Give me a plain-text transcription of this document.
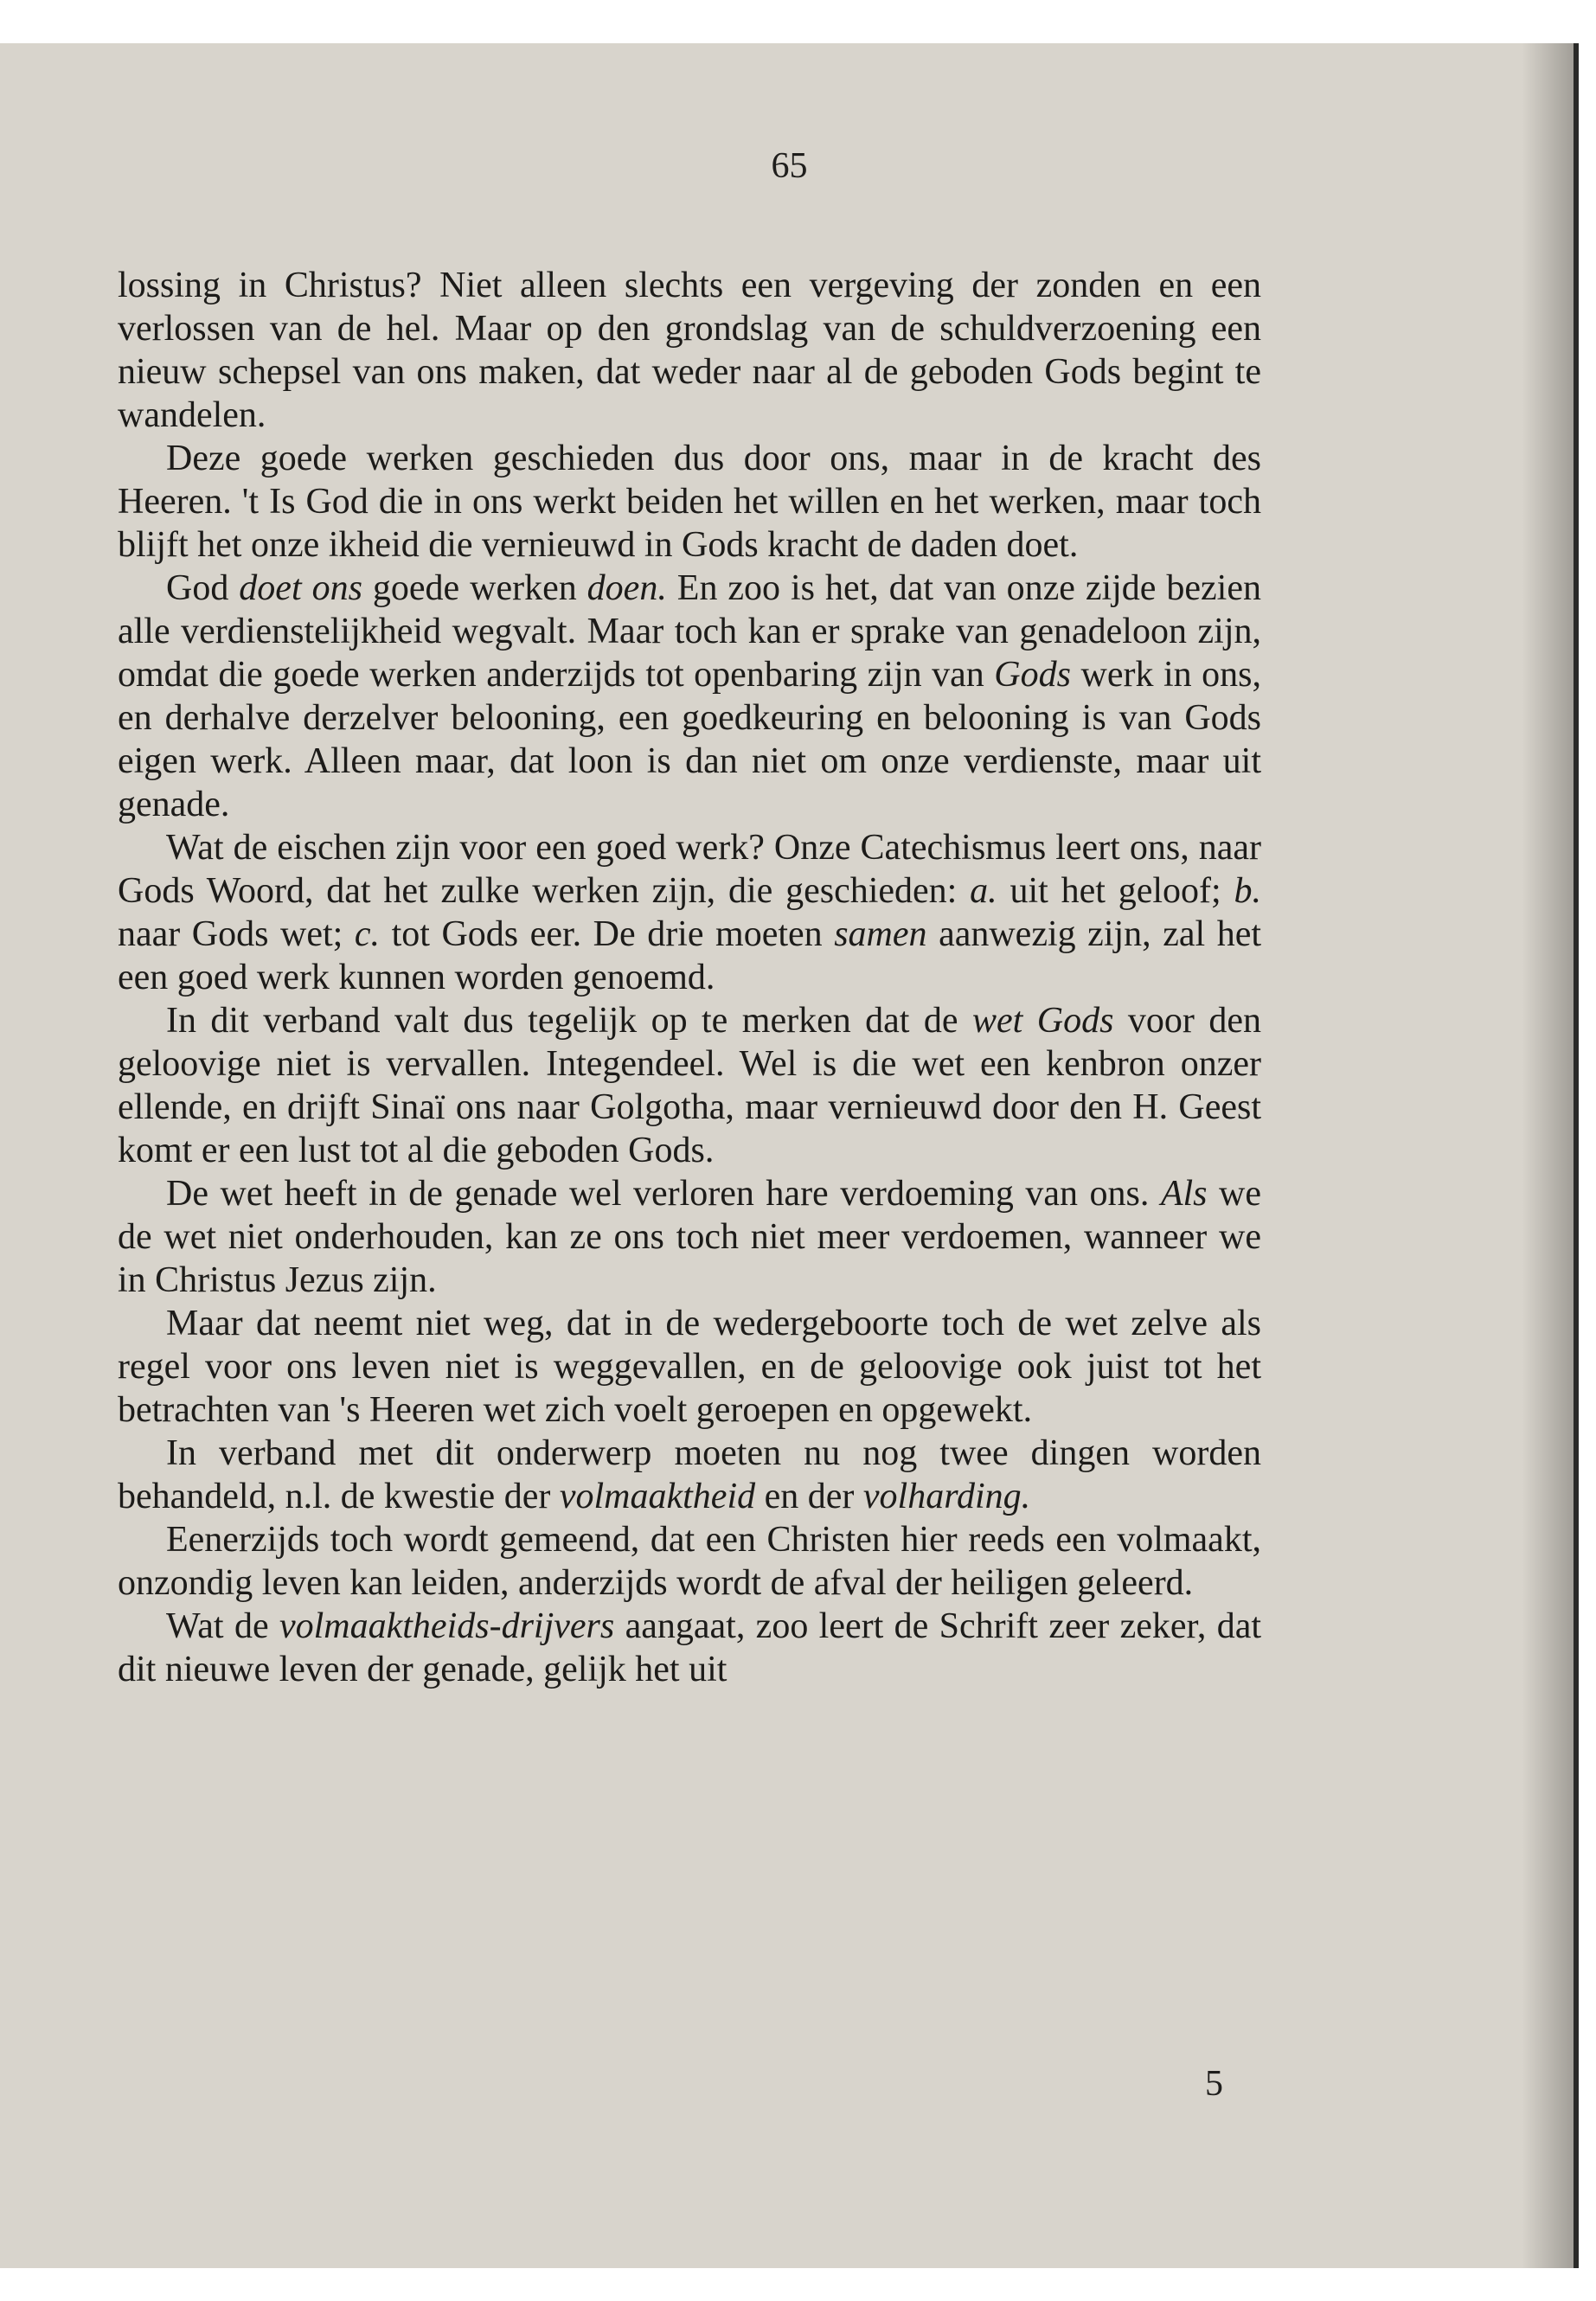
65

lossing in Christus? Niet alleen slechts een vergeving der zonden en een verlossen van de hel. Maar op den grondslag van de schuldverzoening een nieuw schepsel van ons maken, dat weder naar al de geboden Gods begint te wandelen.

Deze goede werken geschieden dus door ons, maar in de kracht des Heeren. 't Is God die in ons werkt beiden het willen en het werken, maar toch blijft het onze ikheid die vernieuwd in Gods kracht de daden doet.

God doet ons goede werken doen. En zoo is het, dat van onze zijde bezien alle verdienstelijkheid wegvalt. Maar toch kan er sprake van genadeloon zijn, omdat die goede werken anderzijds tot openbaring zijn van Gods werk in ons, en derhalve derzelver belooning, een goedkeuring en belooning is van Gods eigen werk. Alleen maar, dat loon is dan niet om onze verdienste, maar uit genade.

Wat de eischen zijn voor een goed werk? Onze Catechismus leert ons, naar Gods Woord, dat het zulke werken zijn, die geschieden: a. uit het geloof; b. naar Gods wet; c. tot Gods eer. De drie moeten samen aanwezig zijn, zal het een goed werk kunnen worden genoemd.

In dit verband valt dus tegelijk op te merken dat de wet Gods voor den geloovige niet is vervallen. Integendeel. Wel is die wet een kenbron onzer ellende, en drijft Sinaï ons naar Golgotha, maar vernieuwd door den H. Geest komt er een lust tot al die geboden Gods.

De wet heeft in de genade wel verloren hare verdoeming van ons. Als we de wet niet onderhouden, kan ze ons toch niet meer verdoemen, wanneer we in Christus Jezus zijn.

Maar dat neemt niet weg, dat in de wedergeboorte toch de wet zelve als regel voor ons leven niet is weggevallen, en de geloovige ook juist tot het betrachten van 's Heeren wet zich voelt geroepen en opgewekt.

In verband met dit onderwerp moeten nu nog twee dingen worden behandeld, n.l. de kwestie der volmaaktheid en der volharding.

Eenerzijds toch wordt gemeend, dat een Christen hier reeds een volmaakt, onzondig leven kan leiden, anderzijds wordt de afval der heiligen geleerd.

Wat de volmaaktheids-drijvers aangaat, zoo leert de Schrift zeer zeker, dat dit nieuwe leven der genade, gelijk het uit

5
